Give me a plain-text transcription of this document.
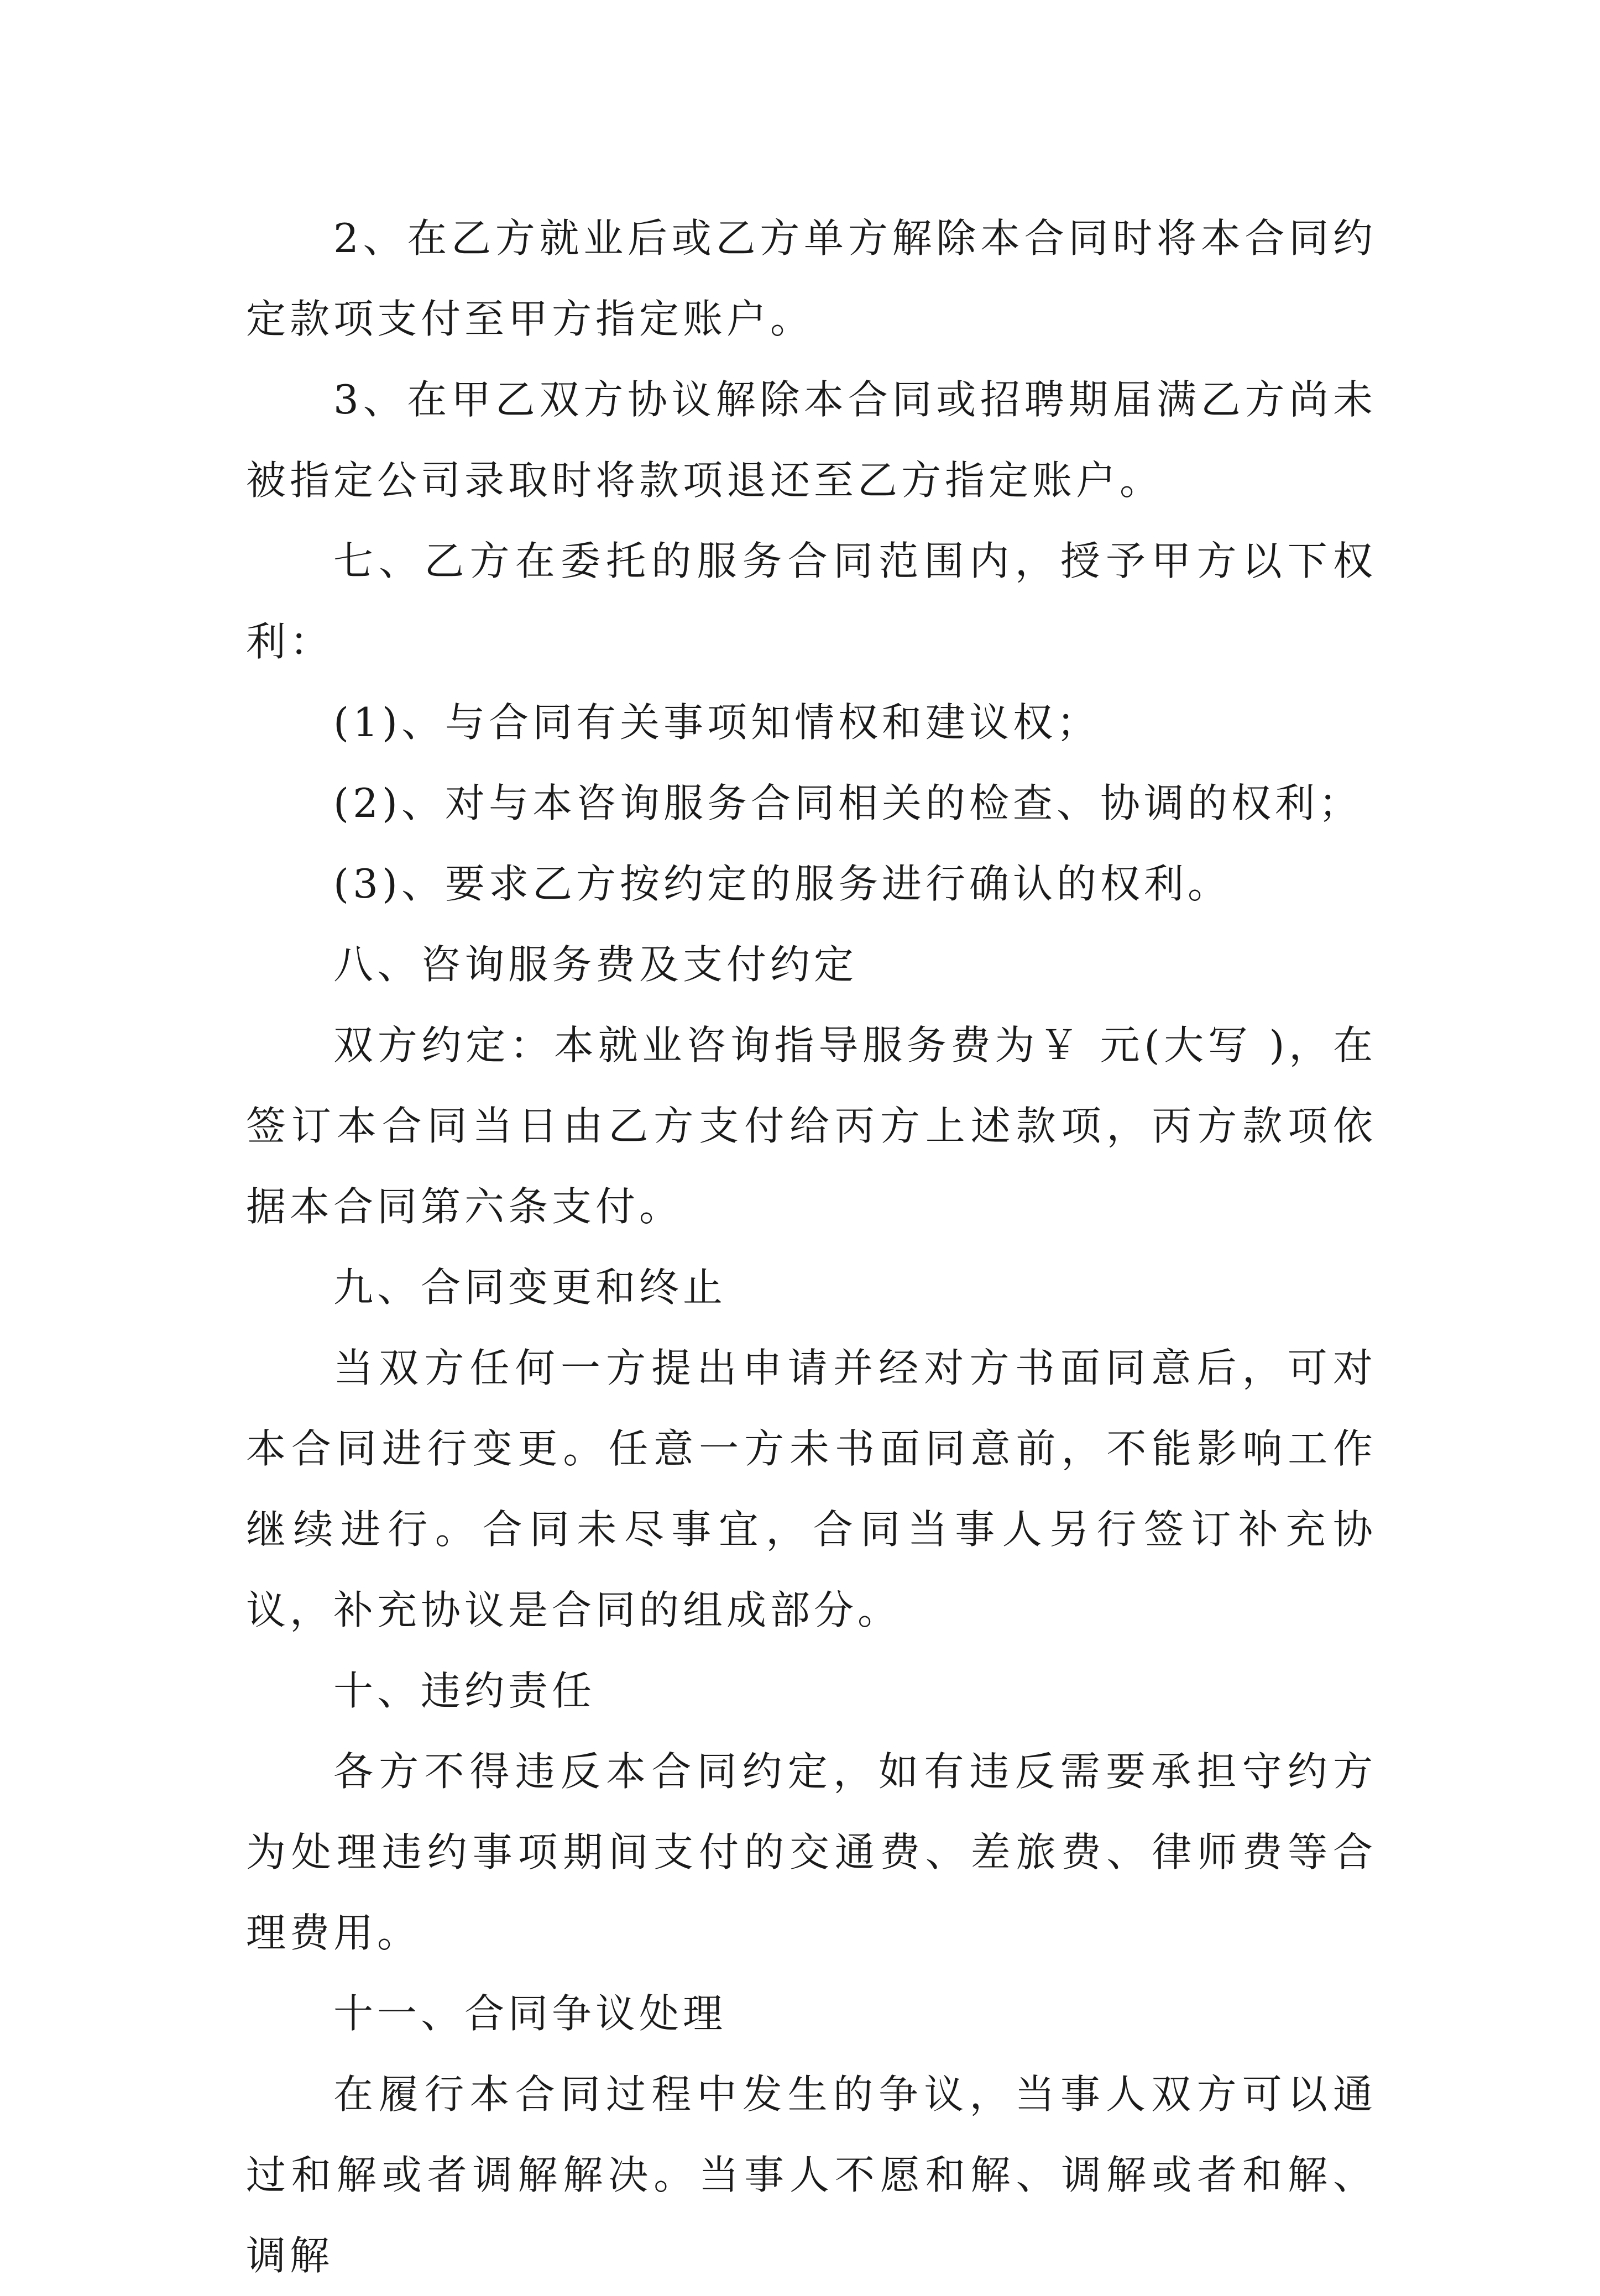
2、在乙方就业后或乙方单方解除本合同时将本合同约定款项支付至甲方指定账户。

3、在甲乙双方协议解除本合同或招聘期届满乙方尚未被指定公司录取时将款项退还至乙方指定账户。

七、乙方在委托的服务合同范围内，授予甲方以下权利：

(1)、与合同有关事项知情权和建议权；

(2)、对与本咨询服务合同相关的检查、协调的权利；

(3)、要求乙方按约定的服务进行确认的权利。

八、咨询服务费及支付约定

双方约定：本就业咨询指导服务费为￥ 元(大写 )，在签订本合同当日由乙方支付给丙方上述款项，丙方款项依据本合同第六条支付。

九、合同变更和终止

当双方任何一方提出申请并经对方书面同意后，可对本合同进行变更。任意一方未书面同意前，不能影响工作继续进行。合同未尽事宜，合同当事人另行签订补充协议，补充协议是合同的组成部分。

十、违约责任

各方不得违反本合同约定，如有违反需要承担守约方为处理违约事项期间支付的交通费、差旅费、律师费等合理费用。

十一、合同争议处理

在履行本合同过程中发生的争议，当事人双方可以通过和解或者调解解决。当事人不愿和解、调解或者和解、调解
